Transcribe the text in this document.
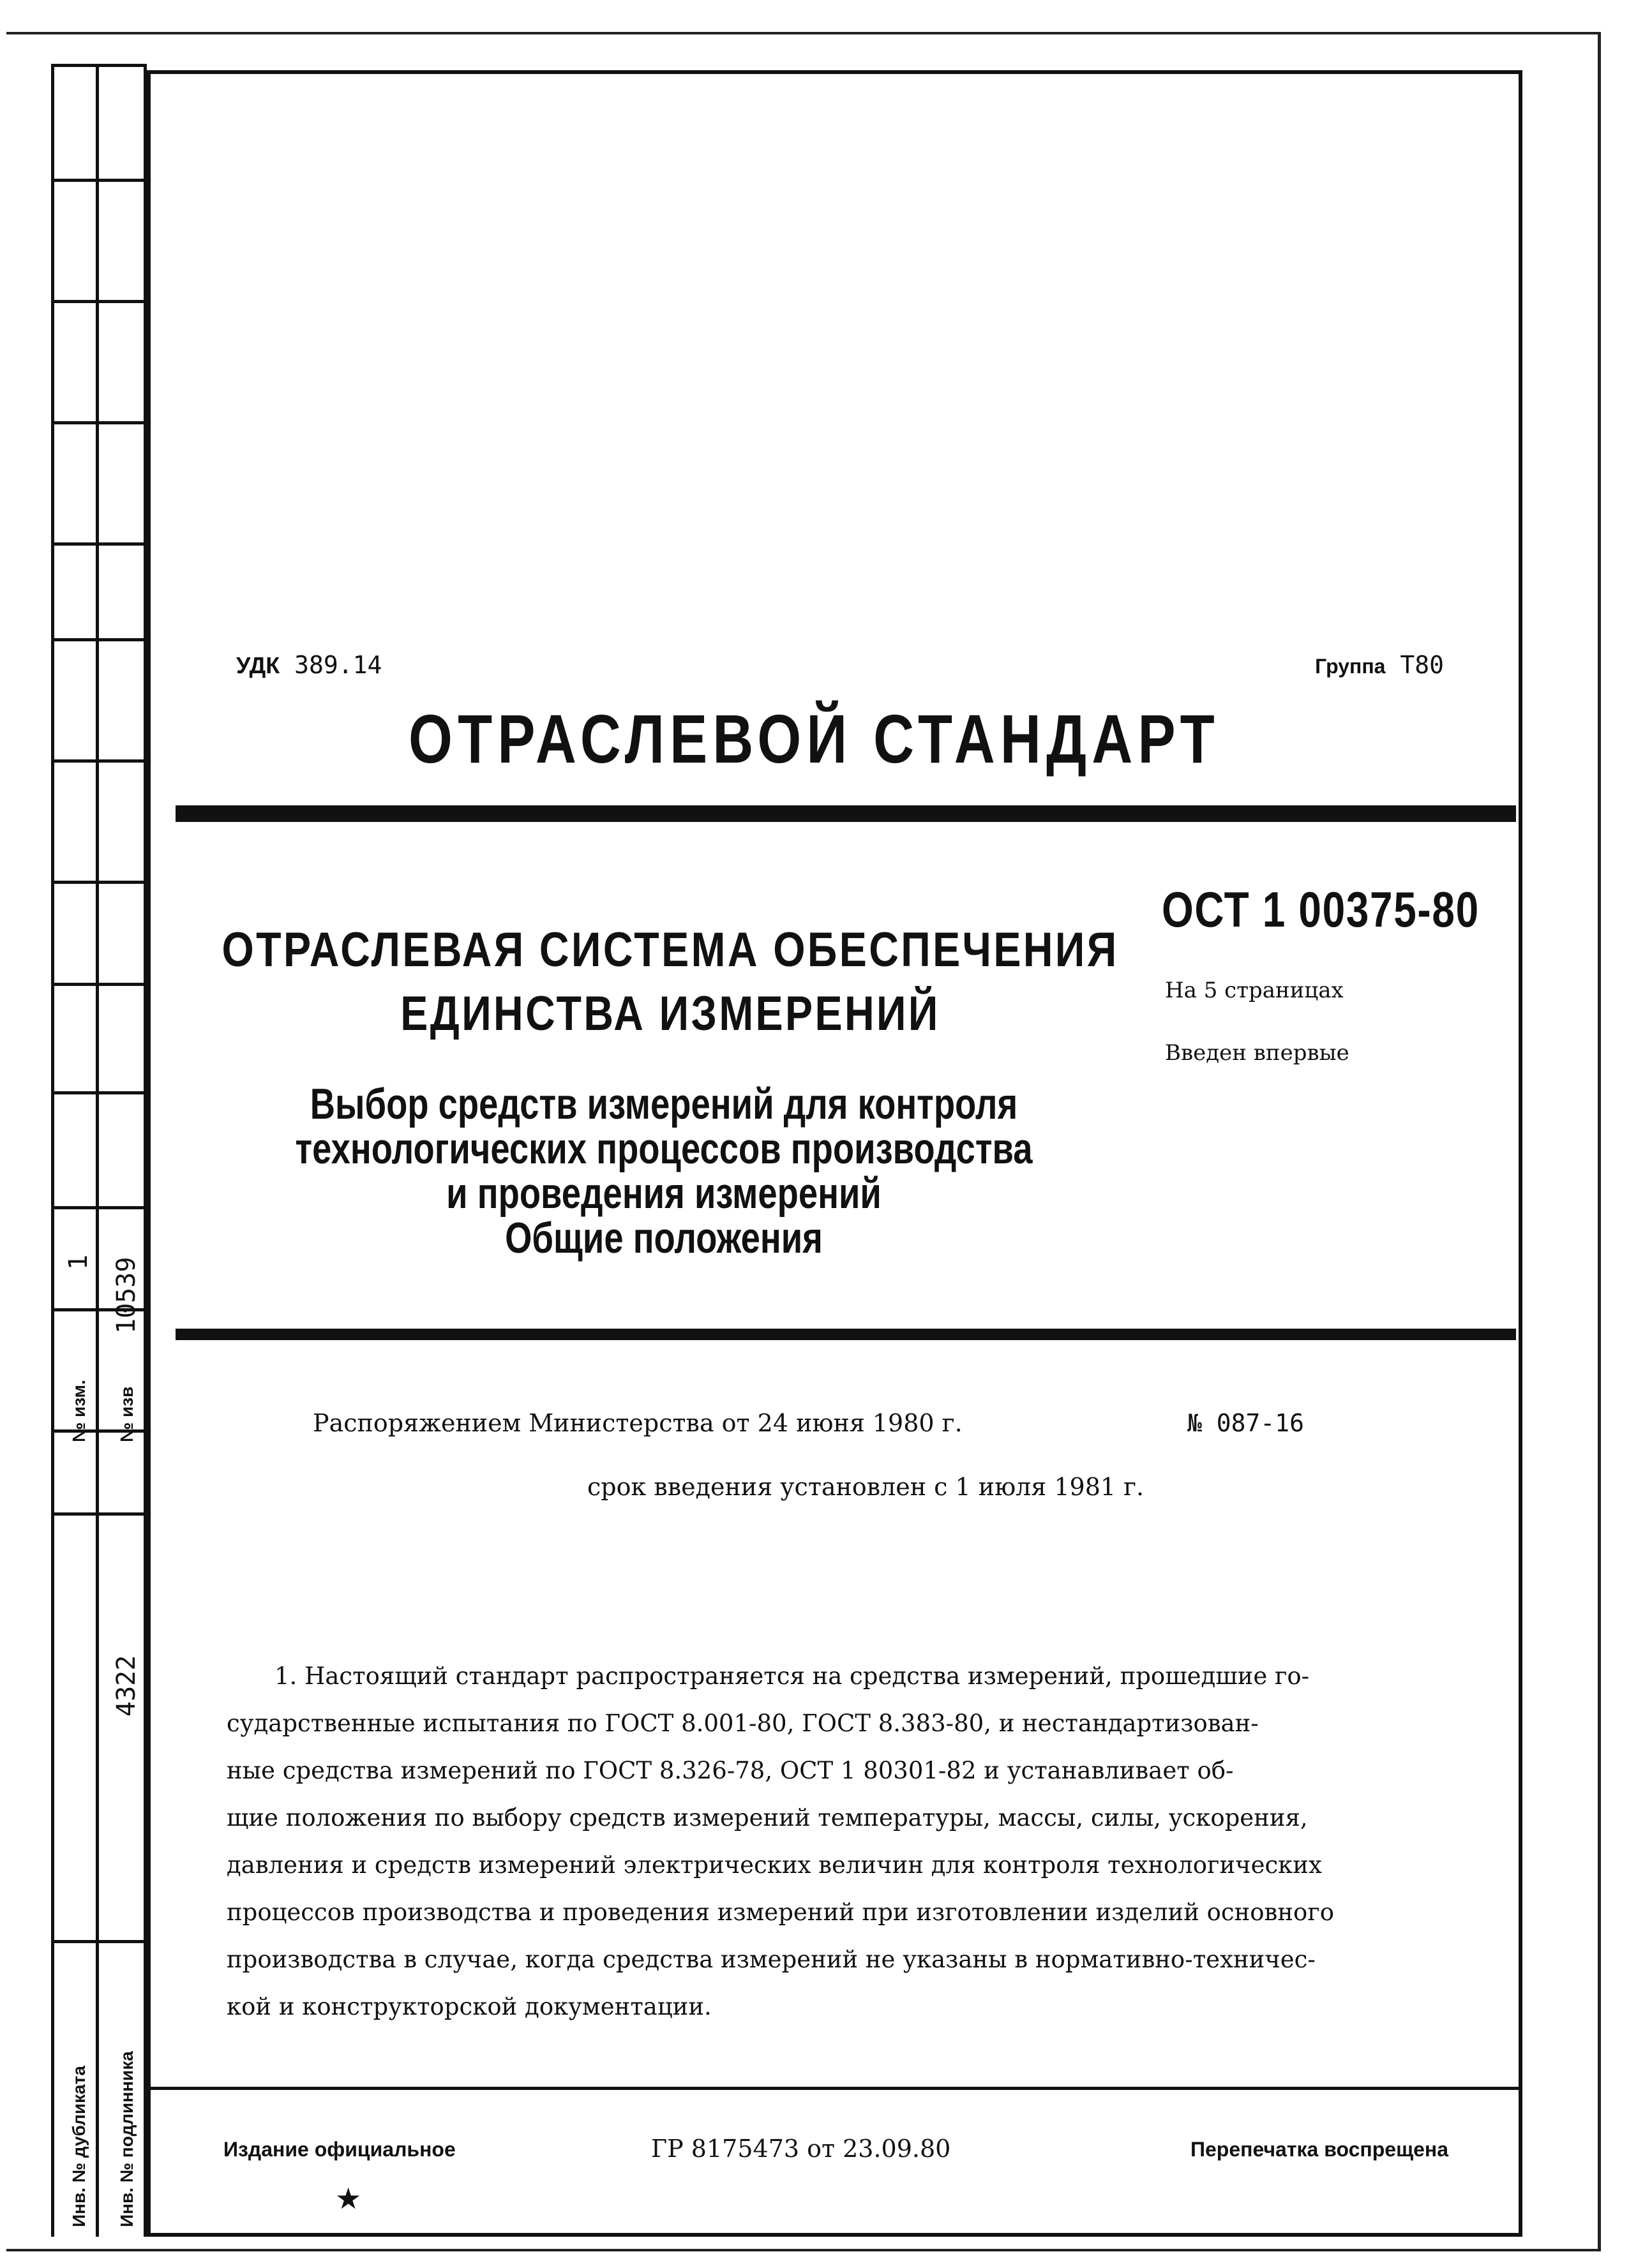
№ изм.
1
№ изв
10539
4322
Инв. № дубликата Инв. № подлинника
УДК 389.14	Группа Т80
ОТРАСЛЕВОЙ СТАНДАРТ
ОСТ 1 00375-80
На 5 страницах
Введен впервые
ОТРАСЛЕВАЯ СИСТЕМА ОБЕСПЕЧЕНИЯ
ЕДИНСТВА ИЗМЕРЕНИЙ
Выбор средств измерений для контроля
технологических процессов производства
и проведения измерений
Общие положения
Распоряжением Министерства от 24 июня 1980 г.	№ 087-16
срок введения установлен с 1 июля 1981 г.
1. Настоящий стандарт распространяется на средства измерений, прошедшие го-
сударственные испытания по ГОСТ 8.001-80, ГОСТ 8.383-80, и нестандартизован-
ные средства измерений по ГОСТ 8.326-78, ОСТ 1 80301-82 и устанавливает об-
щие положения по выбору средств измерений температуры, массы, силы, ускорения,
давления и средств измерений электрических величин для контроля технологических
процессов производства и проведения измерений при изготовлении изделий основного
производства в случае, когда средства измерений не указаны в нормативно-техничес-
кой и конструкторской документации.
Издание официальное
★
ГР 8175473 от 23.09.80	Перепечатка воспрещена
